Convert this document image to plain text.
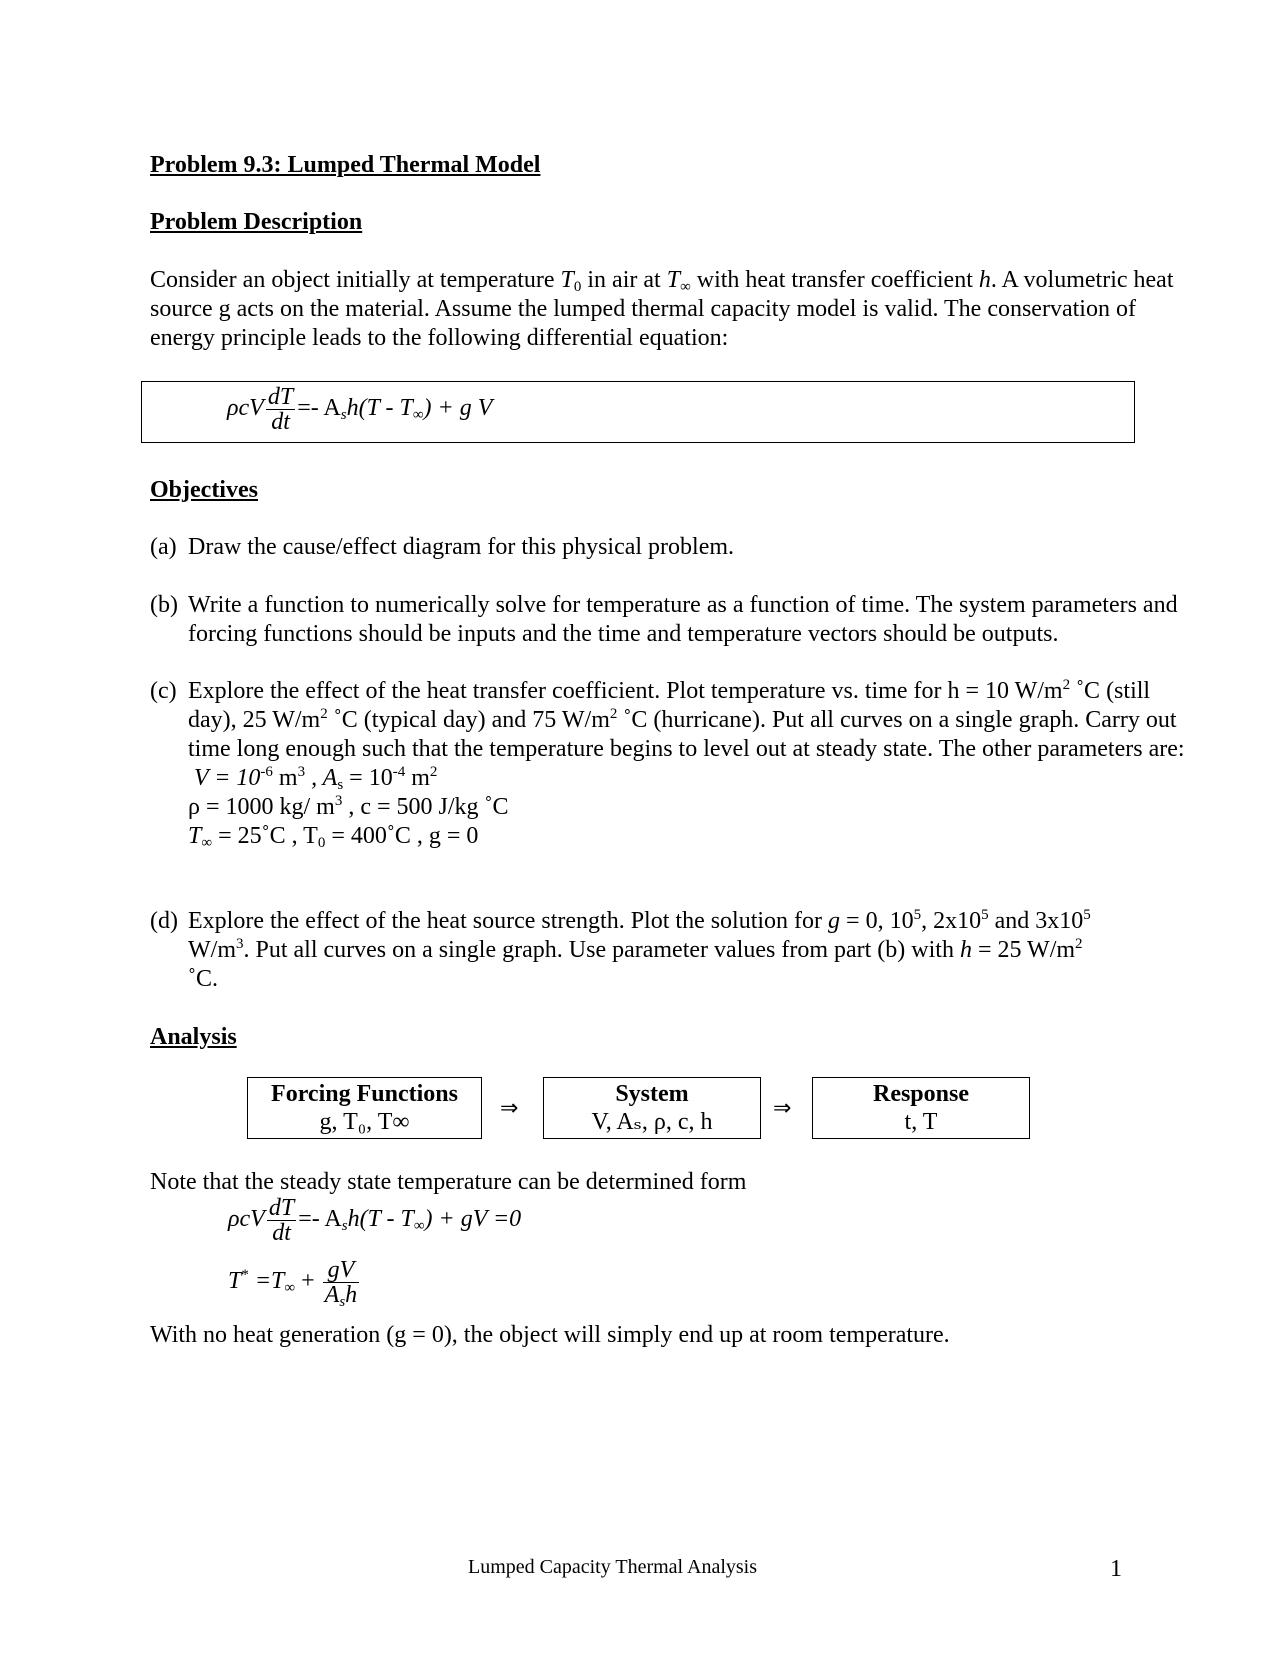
Problem 9.3: Lumped Thermal Model
Problem Description
Consider an object initially at temperature $T_0$ in air at $T_\infty$ with heat transfer coefficient h. A volumetric heat source g acts on the material. Assume the lumped thermal capacity model is valid. The conservation of energy principle leads to the following differential equation:
ρcV $\frac{dT}{dt} =- A_sh(T - T_\infty) + g$ V
Objectives
(a) Draw the cause/effect diagram for this physical problem.
(b) Write a function to numerically solve for temperature as a function of time. The system parameters and forcing functions should be inputs and the time and temperature vectors should be outputs.
(c) Explore the effect of the heat transfer coefficient. Plot temperature vs. time for h = 10 $W/m^2$ ˚C (still day), 25 $W/m^2$ ˚C (typical day) and 75 $W/m^2$ ˚C (hurricane). Put all curves on a single graph. Carry out time long enough such that the temperature begins to level out at steady state. The other parameters are:
$V = 10^{-6}$ $m^3$ , $A_s = 10^{-4}$ $m^2$
ρ = 1000 kg/ $m^3$ , c = 500 J/kg ˚C
$T_\infty$ = 25˚C , $T_0$ = 400˚C , g = 0
(d) Explore the effect of the heat source strength. Plot the solution for g = 0, $10^5$, $2x10^5$ and $3x10^5$ $W/m^3$. Put all curves on a single graph. Use parameter values from part (b) with h = 25 $W/m^2$ ˚C.
Analysis
Forcing Functions
g, T₀, T∞
⇒
System
V, Aₛ, ρ, c, h
⇒
Response
t, T
Note that the steady state temperature can be determined form
ρcV $\frac{dT}{dt} =- A_sh(T - T_\infty)$ + gV =0
$T^* =T_\infty + \frac{gV}{A_sh}$
With no heat generation (g = 0), the object will simply end up at room temperature.
Lumped Capacity Thermal Analysis	1
